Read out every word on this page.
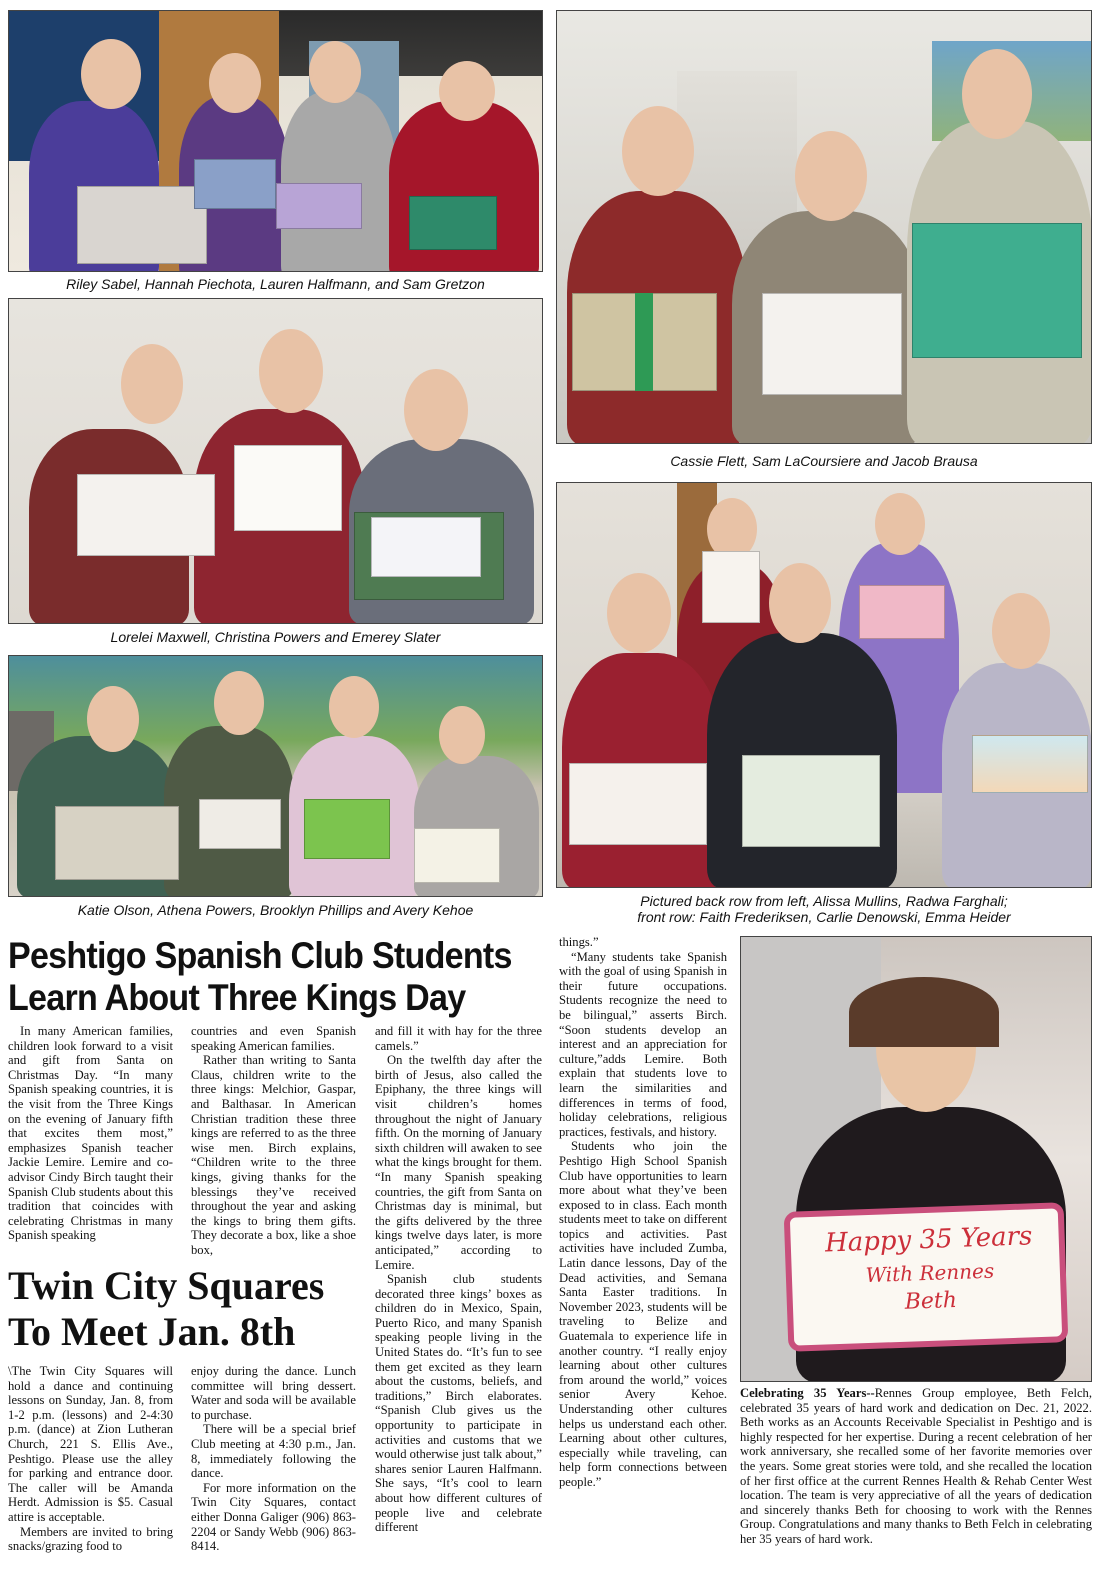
Riley Sabel, Hannah Piechota, Lauren Halfmann, and Sam Gretzon
Cassie Flett, Sam LaCoursiere and Jacob Brausa
Lorelei Maxwell, Christina Powers and Emerey Slater
Pictured back row from left, Alissa Mullins, Radwa Farghali;
front row: Faith Frederiksen, Carlie Denowski, Emma Heider
Katie Olson, Athena Powers, Brooklyn Phillips and Avery Kehoe
Happy 35 Years
With Rennes
Beth
Peshtigo Spanish Club Students
Learn About Three Kings Day

In many American families, children look forward to a visit and gift from Santa on Christmas Day. “In many Spanish speaking countries, it is the visit from the Three Kings on the evening of January fifth that excites them most,” emphasizes Spanish teacher Jackie Lemire. Lemire and co-advisor Cindy Birch taught their Spanish Club students about this tradition that coincides with celebrating Christmas in many Spanish speaking

countries and even Spanish speaking American families.

Rather than writing to Santa Claus, children write to the three kings: Melchior, Gaspar, and Balthasar. In American Christian tradition these three kings are referred to as the three wise men. Birch explains, “Children write to the three kings, giving thanks for the blessings they’ve received throughout the year and asking the kings to bring them gifts. They decorate a box, like a shoe box,

and fill it with hay for the three camels.”

On the twelfth day after the birth of Jesus, also called the Epiphany, the three kings will visit children’s homes throughout the night of January fifth. On the morning of January sixth children will awaken to see what the kings brought for them. “In many Spanish speaking countries, the gift from Santa on Christmas day is minimal, but the gifts delivered by the three kings twelve days later, is more anticipated,” according to Lemire.

Spanish club students decorated three kings’ boxes as children do in Mexico, Spain, Puerto Rico, and many Spanish speaking people living in the United States do. “It’s fun to see them get excited as they learn about the customs, beliefs, and traditions,” Birch elaborates. “Spanish Club gives us the opportunity to participate in activities and customs that we would otherwise just talk about,” shares senior Lauren Halfmann. She says, “It’s cool to learn about how different cultures of people live and celebrate different

things.”

“Many students take Spanish with the goal of using Spanish in their future occupations. Students recognize the need to be bilingual,” asserts Birch. “Soon students develop an interest and an appreciation for culture,”adds Lemire. Both explain that students love to learn the similarities and differences in terms of food, holiday celebrations, religious practices, festivals, and history.

Students who join the Peshtigo High School Spanish Club have opportunities to learn more about what they’ve been exposed to in class. Each month students meet to take on different topics and activities. Past activities have included Zumba, Latin dance lessons, Day of the Dead activities, and Semana Santa Easter traditions. In November 2023, students will be traveling to Belize and Guatemala to experience life in another country. “I really enjoy learning about other cultures from around the world,” voices senior Avery Kehoe. Understanding other cultures helps us understand each other. Learning about other cultures, especially while traveling, can help form connections between people.”

Twin City Squares
To Meet Jan. 8th

\The Twin City Squares will hold a dance and continuing lessons on Sunday, Jan. 8, from 1-2 p.m. (lessons) and 2-4:30 p.m. (dance) at Zion Lutheran Church, 221 S. Ellis Ave., Peshtigo. Please use the alley for parking and entrance door. The caller will be Amanda Herdt. Admission is $5. Casual attire is acceptable.

Members are invited to bring snacks/grazing food to

enjoy during the dance. Lunch committee will bring dessert. Water and soda will be available to purchase.

There will be a special brief Club meeting at 4:30 p.m., Jan. 8, immediately following the dance.

For more information on the Twin City Squares, contact either Donna Galiger (906) 863-2204 or Sandy Webb (906) 863-8414.

Celebrating 35 Years--Rennes Group employee, Beth Felch, celebrated 35 years of hard work and dedication on Dec. 21, 2022. Beth works as an Accounts Receivable Specialist in Peshtigo and is highly respected for her expertise. During a recent celebration of her work anniversary, she recalled some of her favorite memories over the years. Some great stories were told, and she recalled the location of her first office at the current Rennes Health & Rehab Center West location. The team is very appreciative of all the years of dedication and sincerely thanks Beth for choosing to work with the Rennes Group. Congratulations and many thanks to Beth Felch in celebrating her 35 years of hard work.
